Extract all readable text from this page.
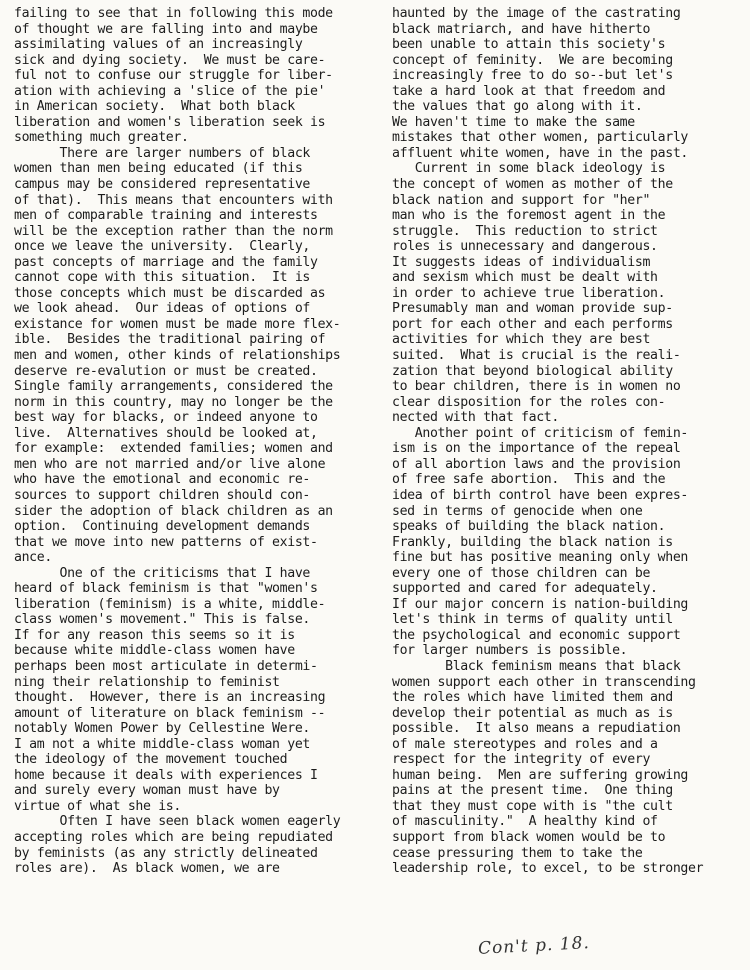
failing to see that in following this mode
of thought we are falling into and maybe
assimilating values of an increasingly
sick and dying society.  We must be care-
ful not to confuse our struggle for liber-
ation with achieving a 'slice of the pie'
in American society.  What both black
liberation and women's liberation seek is
something much greater.
There are larger numbers of black
women than men being educated (if this
campus may be considered representative
of that).  This means that encounters with
men of comparable training and interests
will be the exception rather than the norm
once we leave the university.  Clearly,
past concepts of marriage and the family
cannot cope with this situation.  It is
those concepts which must be discarded as
we look ahead.  Our ideas of options of
existance for women must be made more flex-
ible.  Besides the traditional pairing of
men and women, other kinds of relationships
deserve re-evalution or must be created.
Single family arrangements, considered the
norm in this country, may no longer be the
best way for blacks, or indeed anyone to
live.  Alternatives should be looked at,
for example:  extended families; women and
men who are not married and/or live alone
who have the emotional and economic re-
sources to support children should con-
sider the adoption of black children as an
option.  Continuing development demands
that we move into new patterns of exist-
ance.
One of the criticisms that I have
heard of black feminism is that "women's
liberation (feminism) is a white, middle-
class women's movement." This is false.
If for any reason this seems so it is
because white middle-class women have
perhaps been most articulate in determi-
ning their relationship to feminist
thought.  However, there is an increasing
amount of literature on black feminism --
notably Women Power by Cellestine Were.
I am not a white middle-class woman yet
the ideology of the movement touched
home because it deals with experiences I
and surely every woman must have by
virtue of what she is.
Often I have seen black women eagerly
accepting roles which are being repudiated
by feminists (as any strictly delineated
roles are).  As black women, we are
haunted by the image of the castrating
black matriarch, and have hitherto
been unable to attain this society's
concept of feminity.  We are becoming
increasingly free to do so--but let's
take a hard look at that freedom and
the values that go along with it.
We haven't time to make the same
mistakes that other women, particularly
affluent white women, have in the past.
Current in some black ideology is
the concept of women as mother of the
black nation and support for "her"
man who is the foremost agent in the
struggle.  This reduction to strict
roles is unnecessary and dangerous.
It suggests ideas of individualism
and sexism which must be dealt with
in order to achieve true liberation.
Presumably man and woman provide sup-
port for each other and each performs
activities for which they are best
suited.  What is crucial is the reali-
zation that beyond biological ability
to bear children, there is in women no
clear disposition for the roles con-
nected with that fact.
Another point of criticism of femin-
ism is on the importance of the repeal
of all abortion laws and the provision
of free safe abortion.  This and the
idea of birth control have been expres-
sed in terms of genocide when one
speaks of building the black nation.
Frankly, building the black nation is
fine but has positive meaning only when
every one of those children can be
supported and cared for adequately.
If our major concern is nation-building
let's think in terms of quality until
the psychological and economic support
for larger numbers is possible.
Black feminism means that black
women support each other in transcending
the roles which have limited them and
develop their potential as much as is
possible.  It also means a repudiation
of male stereotypes and roles and a
respect for the integrity of every
human being.  Men are suffering growing
pains at the present time.  One thing
that they must cope with is "the cult
of masculinity."  A healthy kind of
support from black women would be to
cease pressuring them to take the
leadership role, to excel, to be stronger
Con't p. 18.
